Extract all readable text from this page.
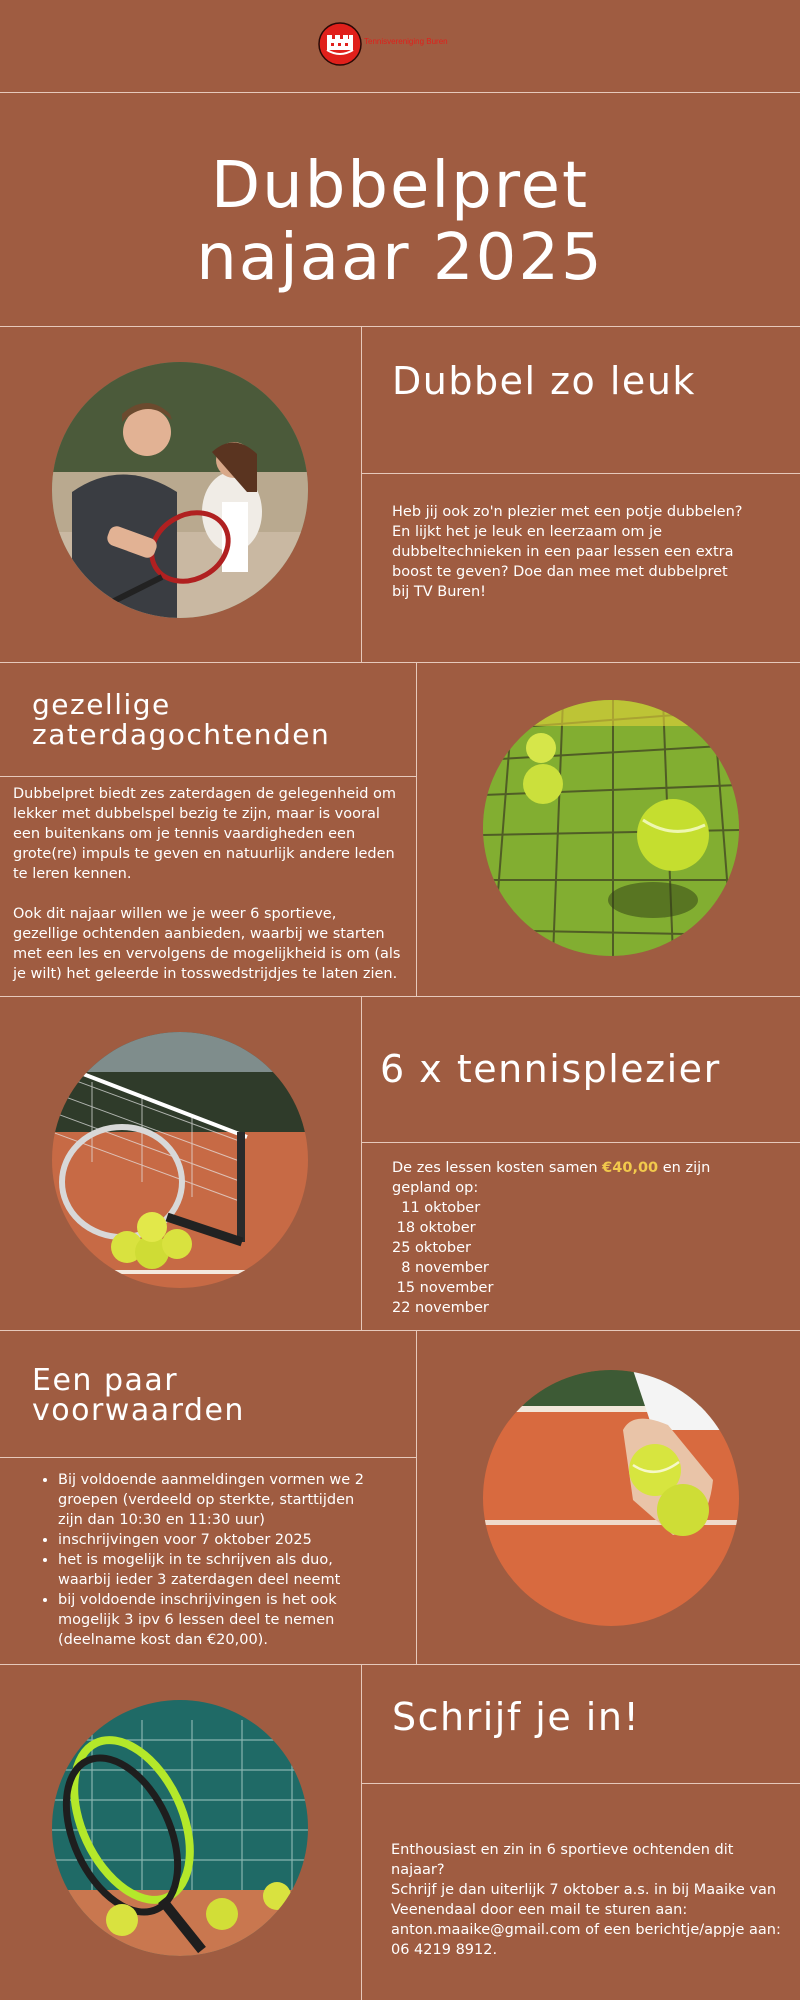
Tennisvereniging Buren
Dubbelpret
najaar 2025
Dubbel zo leuk
Heb jij ook zo'n plezier met een potje dubbelen? En lijkt het je leuk en leerzaam om je dubbeltechnieken in een paar lessen een extra boost te geven? Doe dan mee met dubbelpret bij TV Buren!
gezellige
zaterdagochtenden
Dubbelpret biedt zes zaterdagen de gelegenheid om lekker met dubbelspel bezig te zijn, maar is vooral een buitenkans om je tennis vaardigheden een grote(re) impuls te geven en natuurlijk andere leden te leren kennen.
Ook dit najaar willen we je weer 6 sportieve, gezellige ochtenden aanbieden, waarbij we starten met een les en vervolgens de mogelijkheid is om (als je wilt) het geleerde in tosswedstrijdjes te laten zien.
6 x tennisplezier
De zes lessen kosten samen €40,00 en zijn gepland op:
11 oktober
18 oktober
25 oktober
8 november
15 november
22 november
Een paar
voorwaarden
• Bij voldoende aanmeldingen vormen we 2 groepen (verdeeld op sterkte, starttijden zijn dan 10:30 en 11:30 uur)
• inschrijvingen voor 7 oktober 2025
• het is mogelijk in te schrijven als duo, waarbij ieder 3 zaterdagen deel neemt
• bij voldoende inschrijvingen is het ook mogelijk 3 ipv 6 lessen deel te nemen (deelname kost dan €20,00).
Schrijf je in!
Enthousiast en zin in 6 sportieve ochtenden dit najaar?
Schrijf je dan uiterlijk 7 oktober a.s. in bij Maaike van Veenendaal door een mail te sturen aan: anton.maaike@gmail.com of een berichtje/appje aan: 06 4219 8912.
